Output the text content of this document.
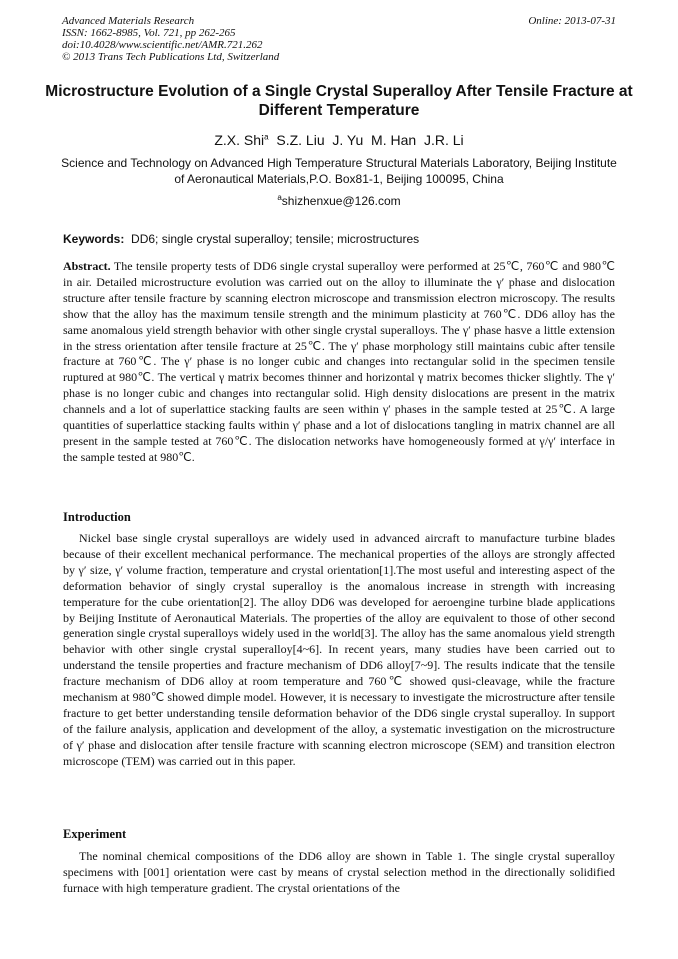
Advanced Materials Research
ISSN: 1662-8985, Vol. 721, pp 262-265
doi:10.4028/www.scientific.net/AMR.721.262
© 2013 Trans Tech Publications Ltd, Switzerland
Online: 2013-07-31
Microstructure Evolution of a Single Crystal Superalloy After Tensile Fracture at Different Temperature
Z.X. Shi$^a$  S.Z. Liu  J. Yu  M. Han  J.R. Li
Science and Technology on Advanced High Temperature Structural Materials Laboratory, Beijing Institute of Aeronautical Materials,P.O. Box81-1, Beijing 100095, China
$^a$shizhenxue@126.com
Keywords:  DD6; single crystal superalloy; tensile; microstructures
Abstract. The tensile property tests of DD6 single crystal superalloy were performed at 25℃, 760℃ and 980℃ in air. Detailed microstructure evolution was carried out on the alloy to illuminate the γ′ phase and dislocation structure after tensile fracture by scanning electron microscope and transmission electron microscopy. The results show that the alloy has the maximum tensile strength and the minimum plasticity at 760℃. DD6 alloy has the same anomalous yield strength behavior with other single crystal superalloys. The γ′ phase hasve a little extension in the stress orientation after tensile fracture at 25℃. The γ′ phase morphology still maintains cubic after tensile fracture at 760℃. The γ′ phase is no longer cubic and changes into rectangular solid in the specimen tensile ruptured at 980℃. The vertical γ matrix becomes thinner and horizontal γ matrix becomes thicker slightly. The γ′ phase is no longer cubic and changes into rectangular solid. High density dislocations are present in the matrix channels and a lot of superlattice stacking faults are seen within γ′ phases in the sample tested at 25℃. A large quantities of superlattice stacking faults within γ′ phase and a lot of dislocations tangling in matrix channel are all present in the sample tested at 760℃. The dislocation networks have homogeneously formed at γ/γ′ interface in the sample tested at 980℃.
Introduction
Nickel base single crystal superalloys are widely used in advanced aircraft to manufacture turbine blades because of their excellent mechanical performance. The mechanical properties of the alloys are strongly affected by γ′ size, γ′ volume fraction, temperature and crystal orientation[1].The most useful and interesting aspect of the deformation behavior of singly crystal superalloy is the anomalous increase in strength with increasing temperature for the cube orientation[2]. The alloy DD6 was developed for aeroengine turbine blade applications by Beijing Institute of Aeronautical Materials. The properties of the alloy are equivalent to those of other second generation single crystal superalloys widely used in the world[3]. The alloy has the same anomalous yield strength behavior with other single crystal superalloy[4~6]. In recent years, many studies have been carried out to understand the tensile properties and fracture mechanism of DD6 alloy[7~9]. The results indicate that the tensile fracture mechanism of DD6 alloy at room temperature and 760℃ showed qusi-cleavage, while the fracture mechanism at 980℃ showed dimple model. However, it is necessary to investigate the microstructure after tensile fracture to get better understanding tensile deformation behavior of the DD6 single crystal superalloy. In support of the failure analysis, application and development of the alloy, a systematic investigation on the microstructure of γ′ phase and dislocation after tensile fracture with scanning electron microscope (SEM) and transition electron microscope (TEM) was carried out in this paper.
Experiment
The nominal chemical compositions of the DD6 alloy are shown in Table 1. The single crystal superalloy specimens with [001] orientation were cast by means of crystal selection method in the directionally solidified furnace with high temperature gradient. The crystal orientations of the
